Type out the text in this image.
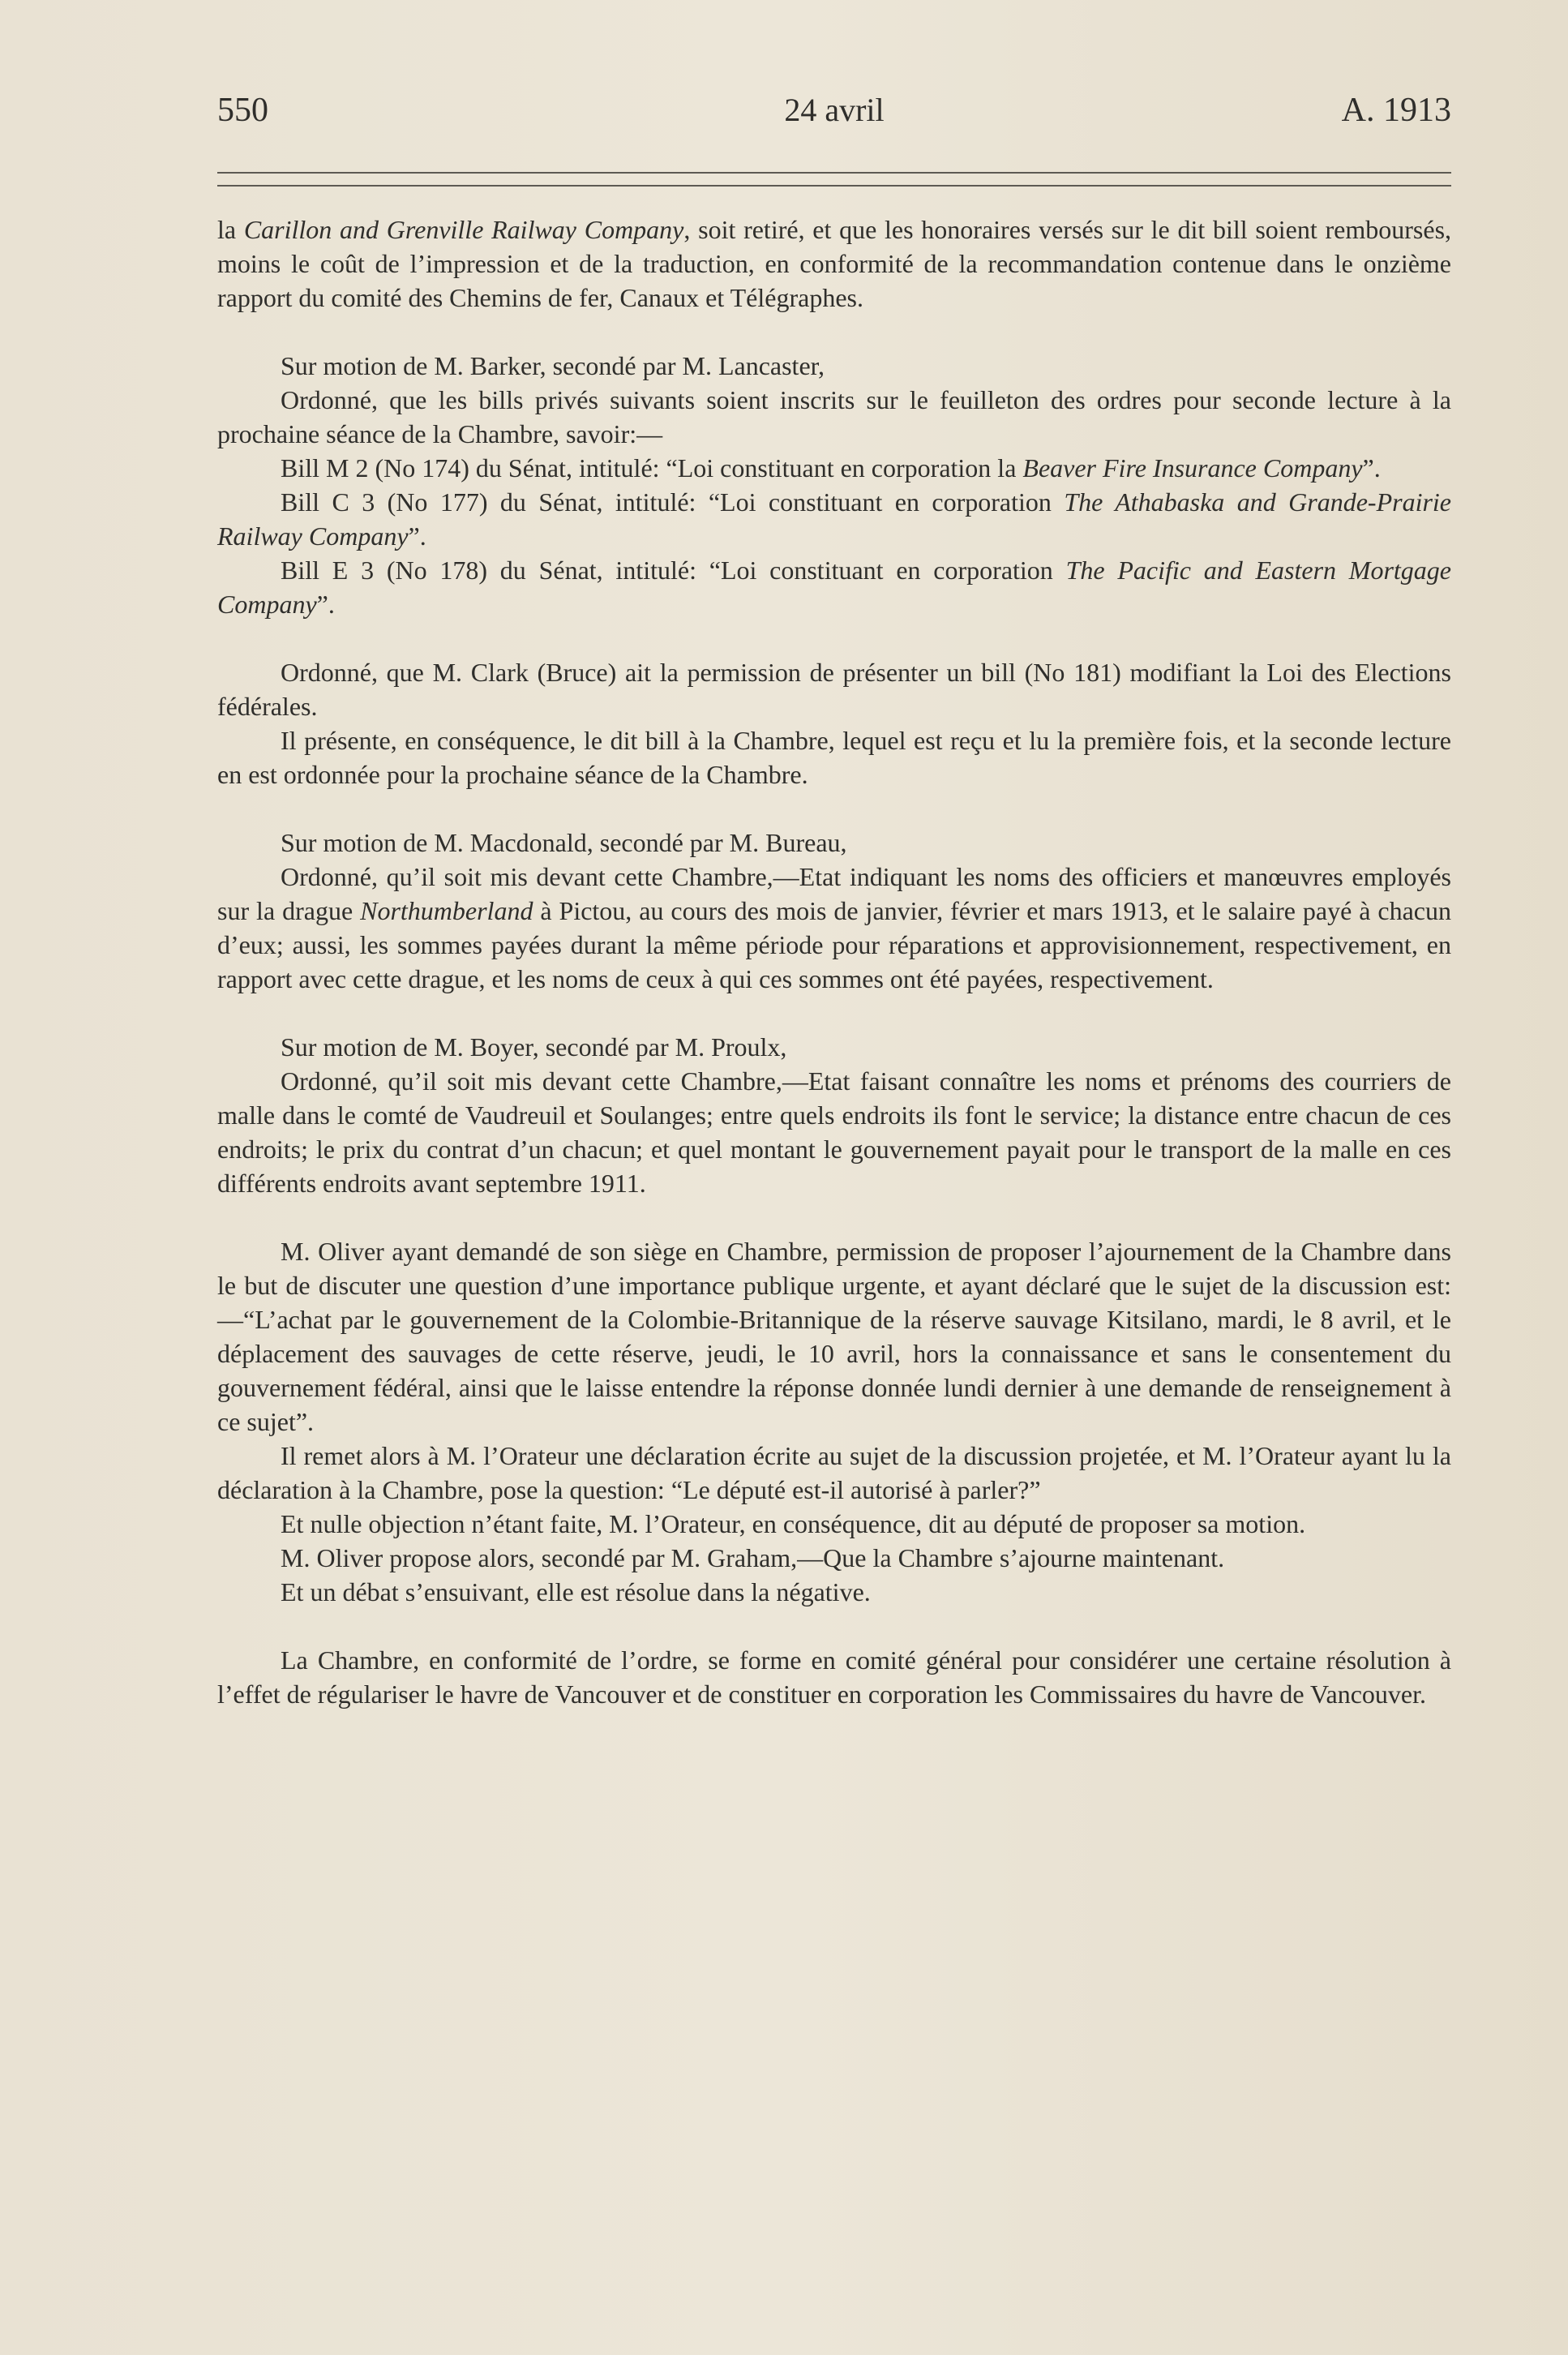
550	24 avril	A. 1913

la Carillon and Grenville Railway Company, soit retiré, et que les honoraires versés sur le dit bill soient remboursés, moins le coût de l’impression et de la traduction, en conformité de la recommandation contenue dans le onzième rapport du comité des Chemins de fer, Canaux et Télégraphes.

Sur motion de M. Barker, secondé par M. Lancaster,

Ordonné, que les bills privés suivants soient inscrits sur le feuilleton des ordres pour seconde lecture à la prochaine séance de la Chambre, savoir:—

Bill M 2 (No 174) du Sénat, intitulé: “Loi constituant en corporation la Beaver Fire Insurance Company”.

Bill C 3 (No 177) du Sénat, intitulé: “Loi constituant en corporation The Athabaska and Grande-Prairie Railway Company”.

Bill E 3 (No 178) du Sénat, intitulé: “Loi constituant en corporation The Pacific and Eastern Mortgage Company”.

Ordonné, que M. Clark (Bruce) ait la permission de présenter un bill (No 181) modifiant la Loi des Elections fédérales.

Il présente, en conséquence, le dit bill à la Chambre, lequel est reçu et lu la première fois, et la seconde lecture en est ordonnée pour la prochaine séance de la Chambre.

Sur motion de M. Macdonald, secondé par M. Bureau,

Ordonné, qu’il soit mis devant cette Chambre,—Etat indiquant les noms des officiers et manœuvres employés sur la drague Northumberland à Pictou, au cours des mois de janvier, février et mars 1913, et le salaire payé à chacun d’eux; aussi, les sommes payées durant la même période pour réparations et approvisionnement, respectivement, en rapport avec cette drague, et les noms de ceux à qui ces sommes ont été payées, respectivement.

Sur motion de M. Boyer, secondé par M. Proulx,

Ordonné, qu’il soit mis devant cette Chambre,—Etat faisant connaître les noms et prénoms des courriers de malle dans le comté de Vaudreuil et Soulanges; entre quels endroits ils font le service; la distance entre chacun de ces endroits; le prix du contrat d’un chacun; et quel montant le gouvernement payait pour le transport de la malle en ces différents endroits avant septembre 1911.

M. Oliver ayant demandé de son siège en Chambre, permission de proposer l’ajournement de la Chambre dans le but de discuter une question d’une importance publique urgente, et ayant déclaré que le sujet de la discussion est:—“L’achat par le gouvernement de la Colombie-Britannique de la réserve sauvage Kitsilano, mardi, le 8 avril, et le déplacement des sauvages de cette réserve, jeudi, le 10 avril, hors la connaissance et sans le consentement du gouvernement fédéral, ainsi que le laisse entendre la réponse donnée lundi dernier à une demande de renseignement à ce sujet”.

Il remet alors à M. l’Orateur une déclaration écrite au sujet de la discussion projetée, et M. l’Orateur ayant lu la déclaration à la Chambre, pose la question: “Le député est-il autorisé à parler?”

Et nulle objection n’étant faite, M. l’Orateur, en conséquence, dit au député de proposer sa motion.

M. Oliver propose alors, secondé par M. Graham,—Que la Chambre s’ajourne maintenant.

Et un débat s’ensuivant, elle est résolue dans la négative.

La Chambre, en conformité de l’ordre, se forme en comité général pour considérer une certaine résolution à l’effet de régulariser le havre de Vancouver et de constituer en corporation les Commissaires du havre de Vancouver.
